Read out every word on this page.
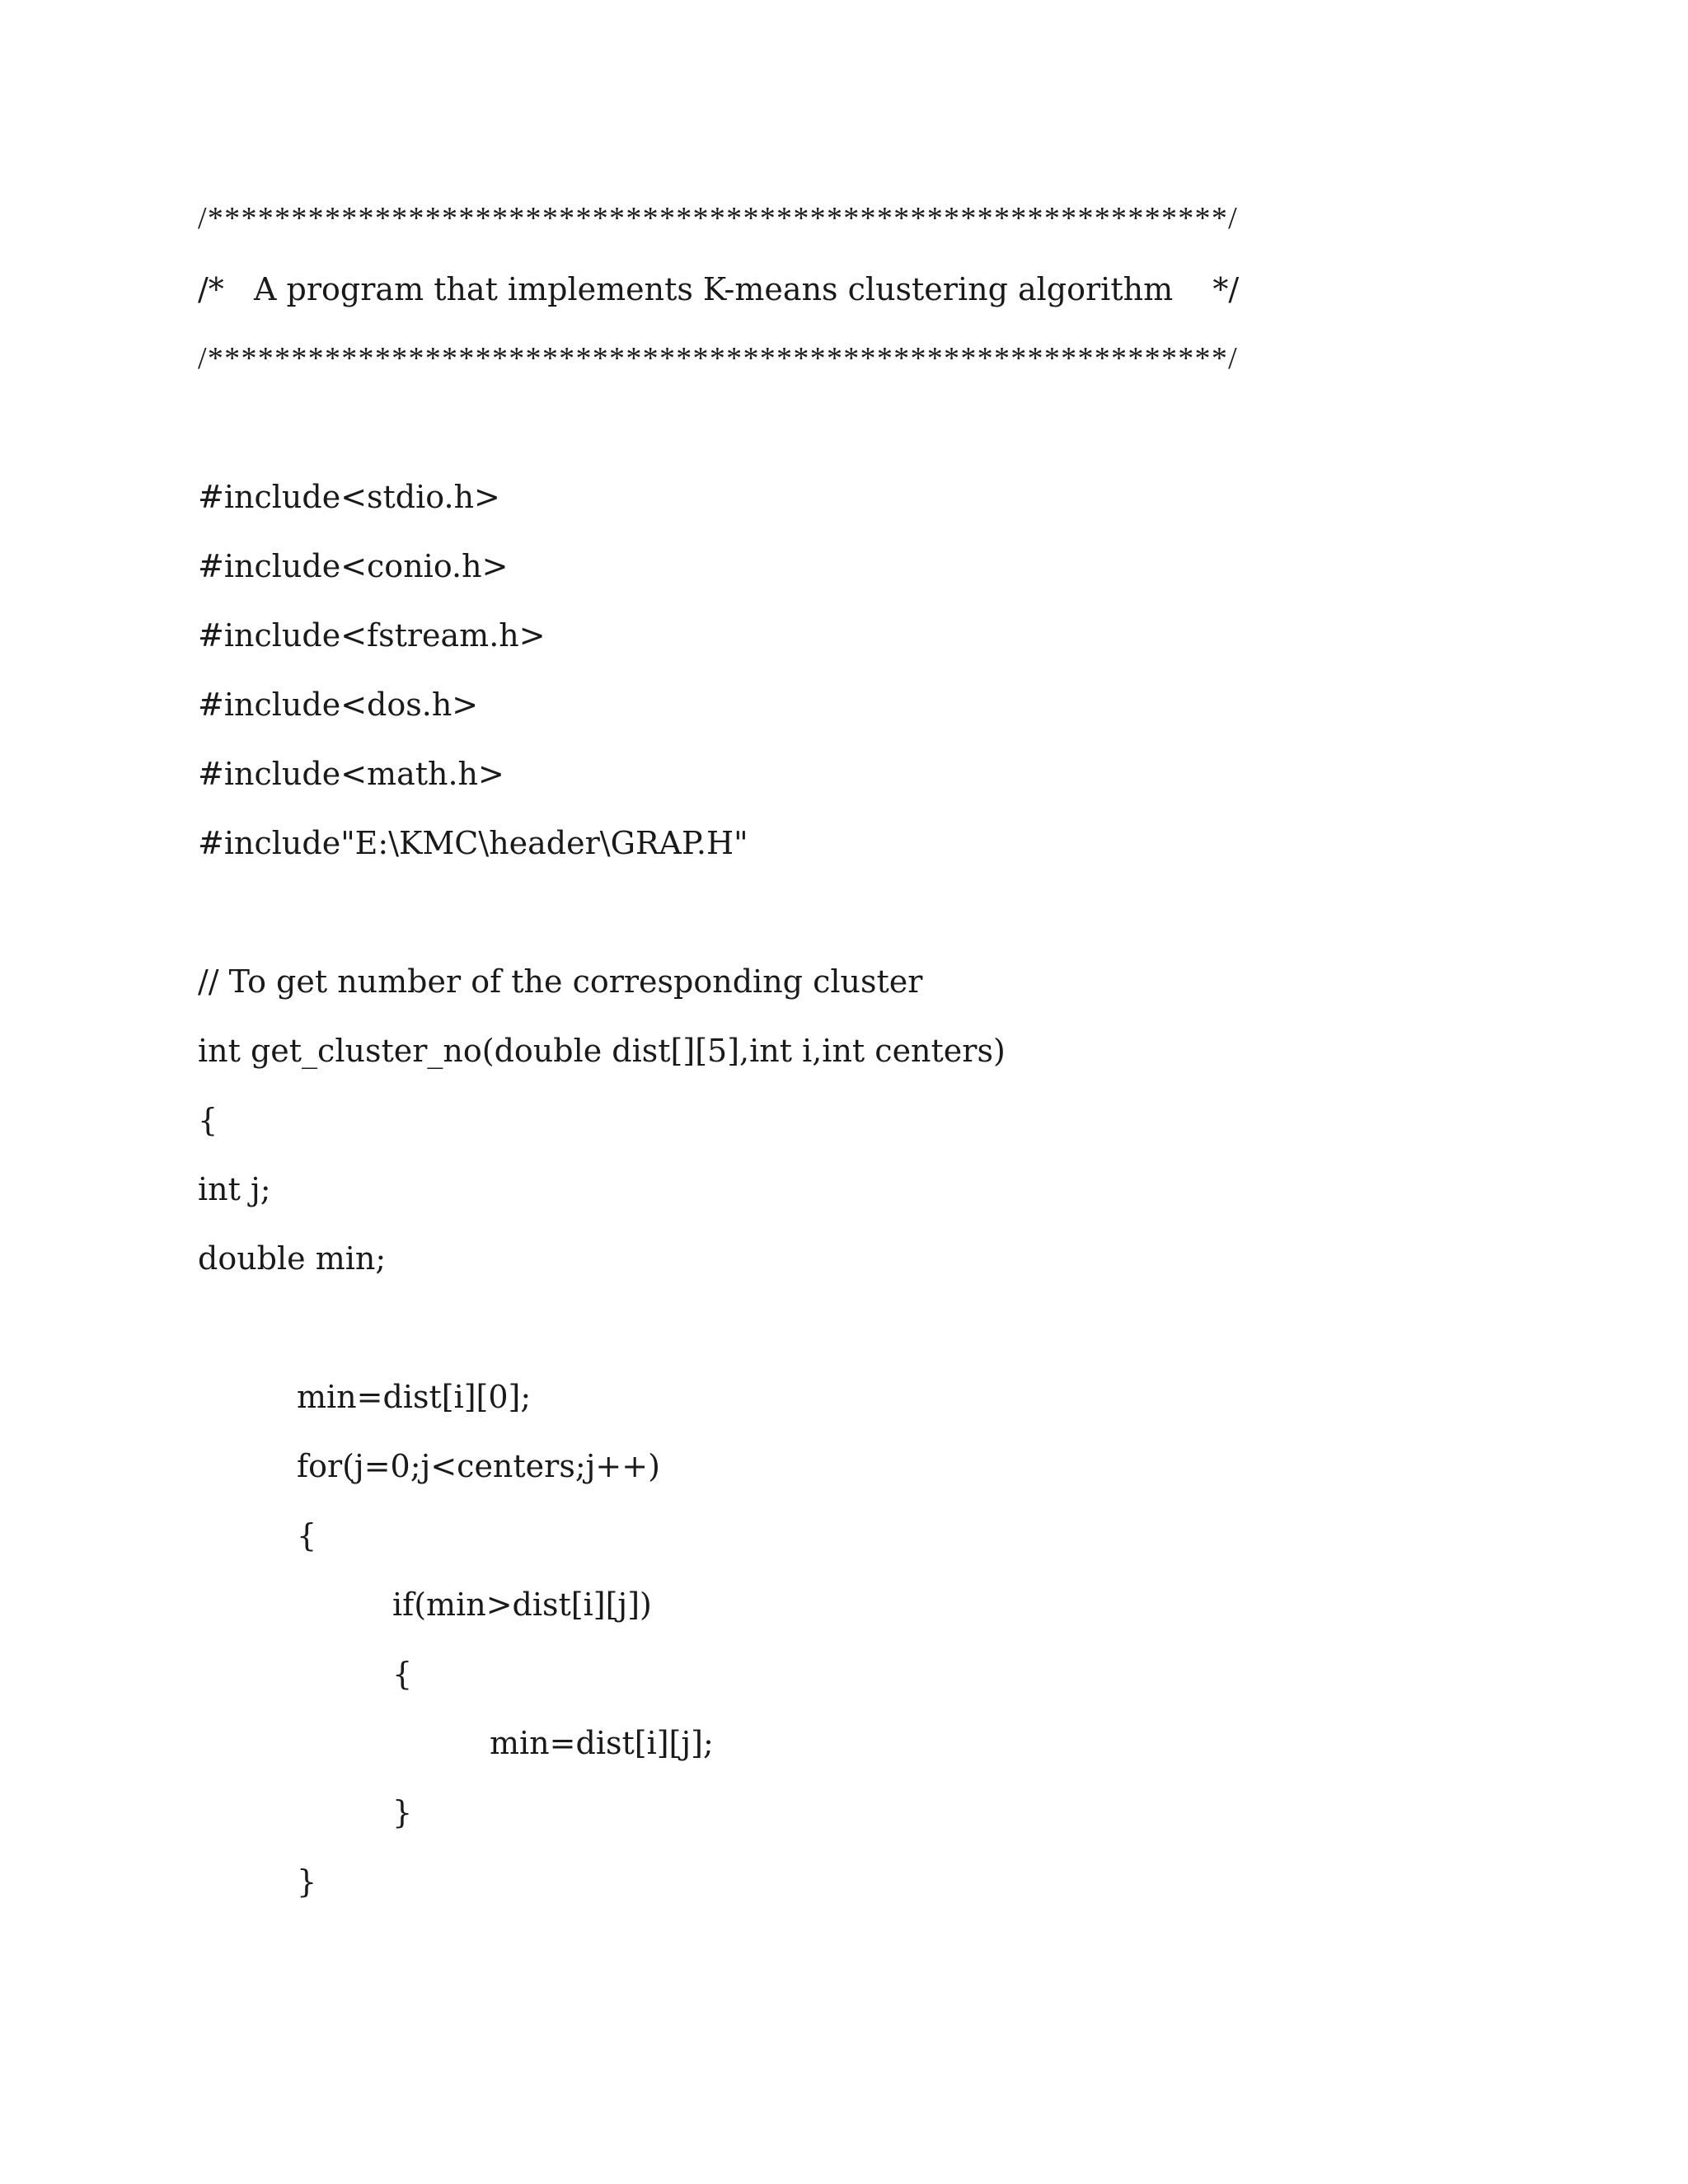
/*************************************************************/
/*   A program that implements K-means clustering algorithm    */
/*************************************************************/
#include<stdio.h>
#include<conio.h>
#include<fstream.h>
#include<dos.h>
#include<math.h>
#include"E:\KMC\header\GRAP.H"
// To get number of the corresponding cluster
int get_cluster_no(double dist[][5],int i,int centers)
{
int j;
double min;
min=dist[i][0];
for(j=0;j<centers;j++)
{
if(min>dist[i][j])
{
min=dist[i][j];
}
}
